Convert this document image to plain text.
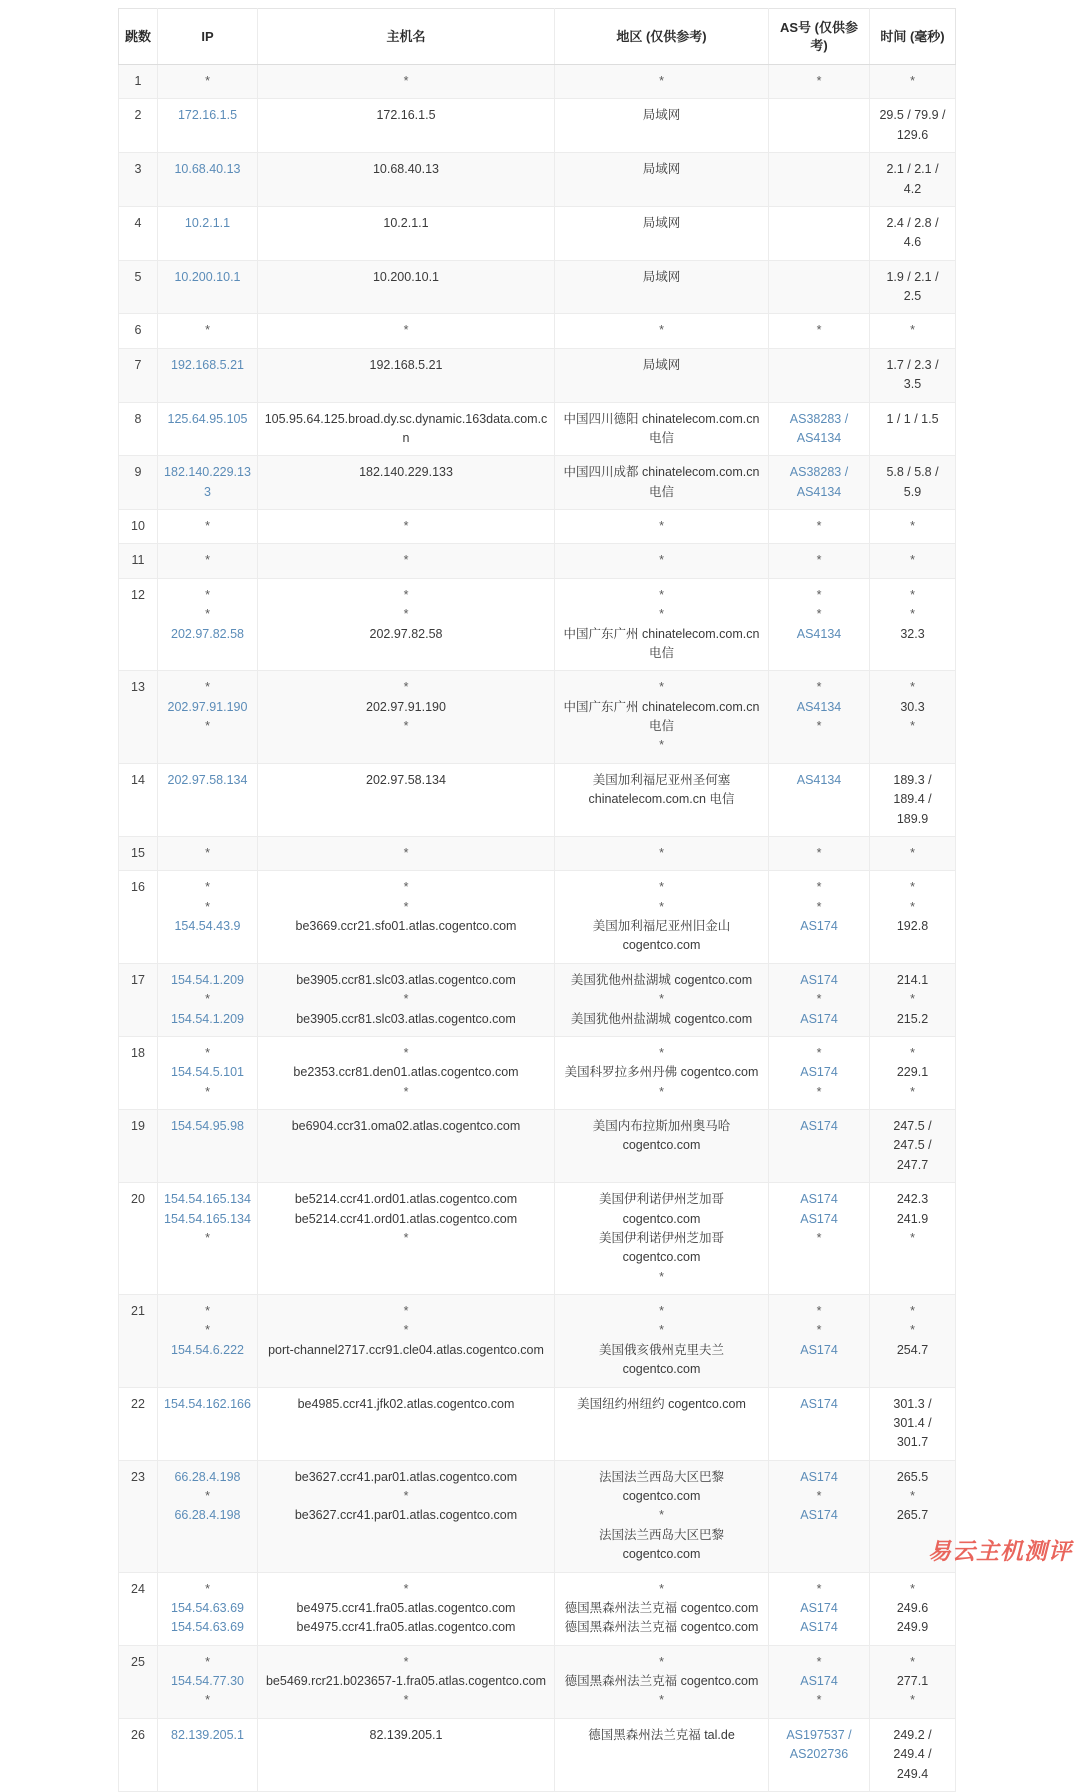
跳数	IP	主机名	地区 (仅供参考)	AS号 (仅供参考)	时间 (毫秒)

1	*	*	*	*	*

2	172.16.1.5	172.16.1.5	局域网		29.5 / 79.9 /
129.6

3	10.68.40.13	10.68.40.13	局域网		2.1 / 2.1 /
4.2

4	10.2.1.1	10.2.1.1	局域网		2.4 / 2.8 /
4.6

5	10.200.10.1	10.200.10.1	局域网		1.9 / 2.1 /
2.5

6	*	*	*	*	*

7	192.168.5.21	192.168.5.21	局域网		1.7 / 2.3 /
3.5

8	125.64.95.105	105.95.64.125.broad.dy.sc.dynamic.163data.com.cn	中国四川德阳 chinatelecom.com.cn
电信	AS38283 /
AS4134	1 / 1 / 1.5

9	182.140.229.133	182.140.229.133	中国四川成都 chinatelecom.com.cn
电信	AS38283 /
AS4134	5.8 / 5.8 /
5.9

10	*	*	*	*	*

11	*	*	*	*	*

12	*
*
202.97.82.58	*
*
202.97.82.58	*
*
中国广东广州 chinatelecom.com.cn
电信	*
*
AS4134	*
*
32.3

13	*
202.97.91.190
*	*
202.97.91.190
*	*
中国广东广州 chinatelecom.com.cn
电信
*	*
AS4134
*	*
30.3
*

14	202.97.58.134	202.97.58.134	美国加利福尼亚州圣何塞
chinatelecom.com.cn 电信	AS4134	189.3 /
189.4 /
189.9

15	*	*	*	*	*

16	*
*
154.54.43.9	*
*
be3669.ccr21.sfo01.atlas.cogentco.com	*
*
美国加利福尼亚州旧金山
cogentco.com	*
*
AS174	*
*
192.8

17	154.54.1.209
*
154.54.1.209	be3905.ccr81.slc03.atlas.cogentco.com
*
be3905.ccr81.slc03.atlas.cogentco.com	美国犹他州盐湖城 cogentco.com
*
美国犹他州盐湖城 cogentco.com	AS174
*
AS174	214.1
*
215.2

18	*
154.54.5.101
*	*
be2353.ccr81.den01.atlas.cogentco.com
*	*
美国科罗拉多州丹佛 cogentco.com
*	*
AS174
*	*
229.1
*

19	154.54.95.98	be6904.ccr31.oma02.atlas.cogentco.com	美国内布拉斯加州奥马哈
cogentco.com	AS174	247.5 /
247.5 /
247.7

20	154.54.165.134
154.54.165.134
*	be5214.ccr41.ord01.atlas.cogentco.com
be5214.ccr41.ord01.atlas.cogentco.com
*	美国伊利诺伊州芝加哥
cogentco.com
美国伊利诺伊州芝加哥
cogentco.com
*	AS174
AS174
*	242.3
241.9
*

21	*
*
154.54.6.222	*
*
port-channel2717.ccr91.cle04.atlas.cogentco.com	*
*
美国俄亥俄州克里夫兰
cogentco.com	*
*
AS174	*
*
254.7

22	154.54.162.166	be4985.ccr41.jfk02.atlas.cogentco.com	美国纽约州纽约 cogentco.com	AS174	301.3 /
301.4 /
301.7

23	66.28.4.198
*
66.28.4.198	be3627.ccr41.par01.atlas.cogentco.com
*
be3627.ccr41.par01.atlas.cogentco.com	法国法兰西岛大区巴黎
cogentco.com
*
法国法兰西岛大区巴黎
cogentco.com	AS174
*
AS174	265.5
*
265.7

24	*
154.54.63.69
154.54.63.69	*
be4975.ccr41.fra05.atlas.cogentco.com
be4975.ccr41.fra05.atlas.cogentco.com	*
德国黑森州法兰克福 cogentco.com
德国黑森州法兰克福 cogentco.com	*
AS174
AS174	*
249.6
249.9

25	*
154.54.77.30
*	*
be5469.rcr21.b023657-1.fra05.atlas.cogentco.com
*	*
德国黑森州法兰克福 cogentco.com
*	*
AS174
*	*
277.1
*

26	82.139.205.1	82.139.205.1	德国黑森州法兰克福 tal.de	AS197537 /
AS202736	249.2 /
249.4 /
249.4
易云主机测评
